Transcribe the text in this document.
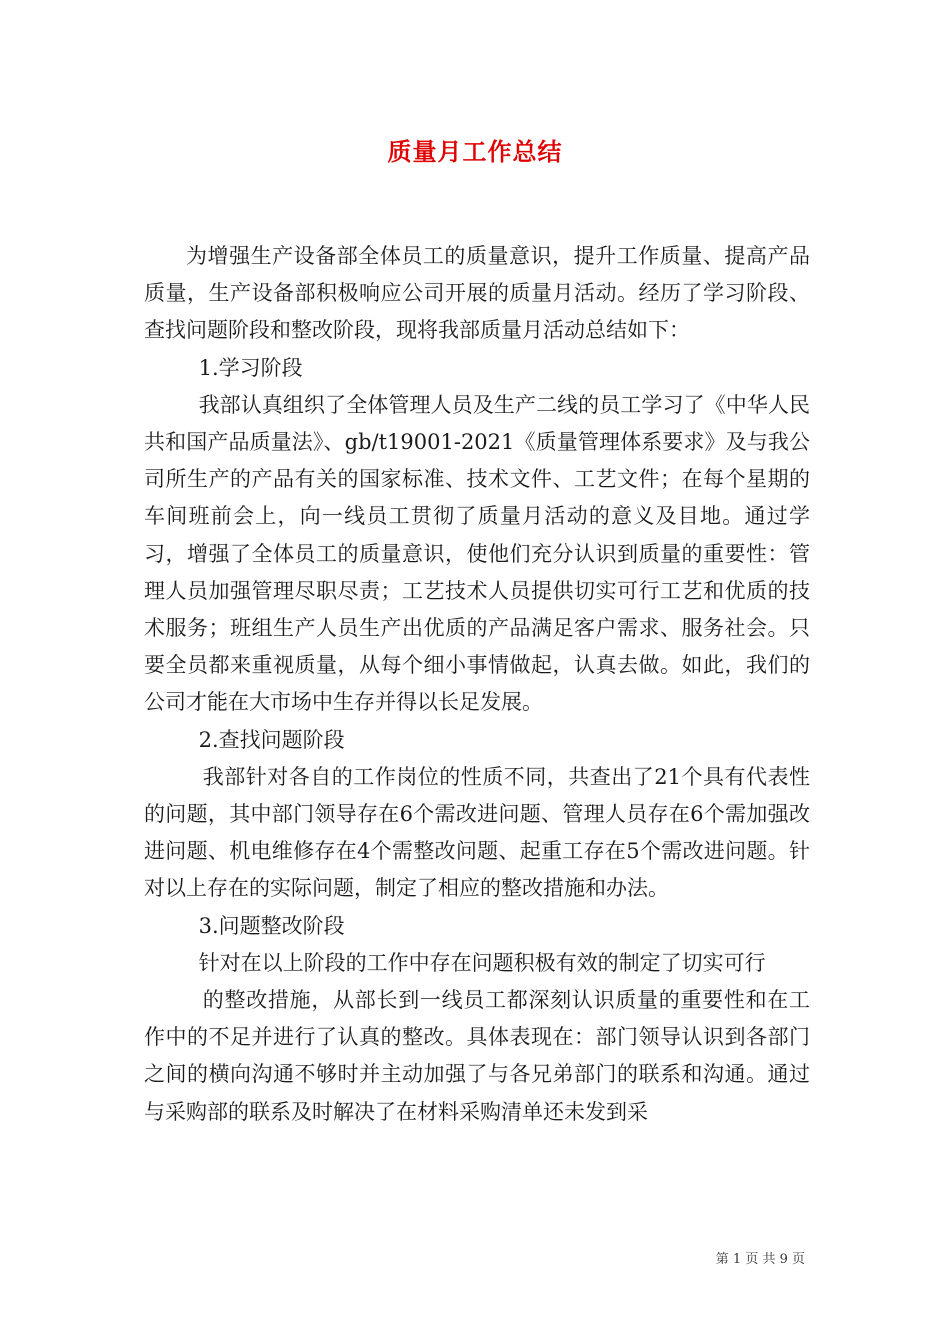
质量月工作总结

为增强生产设备部全体员工的质量意识，提升工作质量、提高产品质量，生产设备部积极响应公司开展的质量月活动。经历了学习阶段、查找问题阶段和整改阶段，现将我部质量月活动总结如下：

1.学习阶段

我部认真组织了全体管理人员及生产二线的员工学习了《中华人民共和国产品质量法》、gb/t19001-2021《质量管理体系要求》及与我公司所生产的产品有关的国家标准、技术文件、工艺文件；在每个星期的车间班前会上，向一线员工贯彻了质量月活动的意义及目地。通过学习，增强了全体员工的质量意识，使他们充分认识到质量的重要性：管理人员加强管理尽职尽责；工艺技术人员提供切实可行工艺和优质的技术服务；班组生产人员生产出优质的产品满足客户需求、服务社会。只要全员都来重视质量，从每个细小事情做起，认真去做。如此，我们的公司才能在大市场中生存并得以长足发展。

2.查找问题阶段

我部针对各自的工作岗位的性质不同，共查出了21个具有代表性的问题，其中部门领导存在6个需改进问题、管理人员存在6个需加强改进问题、机电维修存在4个需整改问题、起重工存在5个需改进问题。针对以上存在的实际问题，制定了相应的整改措施和办法。

3.问题整改阶段

针对在以上阶段的工作中存在问题积极有效的制定了切实可行

的整改措施，从部长到一线员工都深刻认识质量的重要性和在工作中的不足并进行了认真的整改。具体表现在：部门领导认识到各部门之间的横向沟通不够时并主动加强了与各兄弟部门的联系和沟通。通过与采购部的联系及时解决了在材料采购清单还未发到采

第 1 页 共 9 页
